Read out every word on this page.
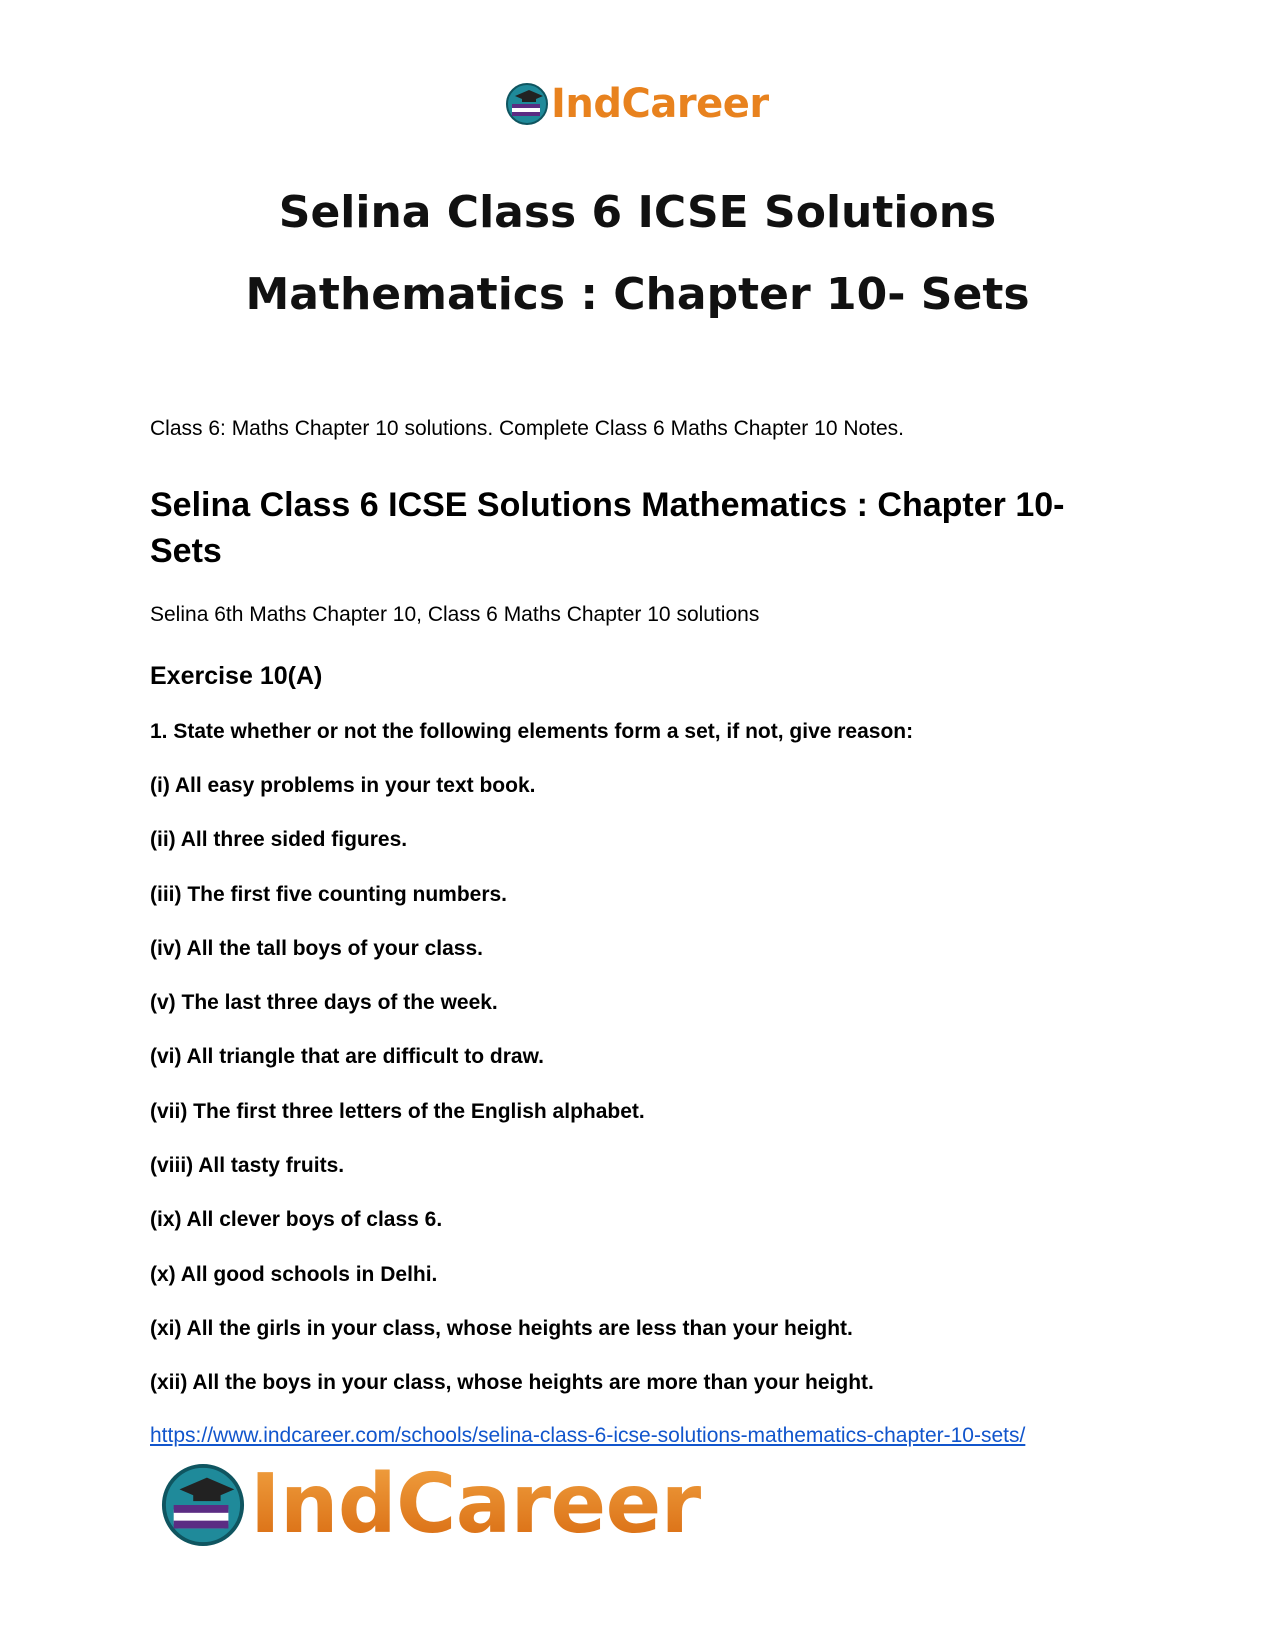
IndCareer
Selina Class 6 ICSE Solutions Mathematics : Chapter 10- Sets
Class 6: Maths Chapter 10 solutions. Complete Class 6 Maths Chapter 10 Notes.
Selina Class 6 ICSE Solutions Mathematics : Chapter 10- Sets
Selina 6th Maths Chapter 10, Class 6 Maths Chapter 10 solutions
Exercise 10(A)
1. State whether or not the following elements form a set, if not, give reason:
(i) All easy problems in your text book.
(ii) All three sided figures.
(iii) The first five counting numbers.
(iv) All the tall boys of your class.
(v) The last three days of the week.
(vi) All triangle that are difficult to draw.
(vii) The first three letters of the English alphabet.
(viii) All tasty fruits.
(ix) All clever boys of class 6.
(x) All good schools in Delhi.
(xi) All the girls in your class, whose heights are less than your height.
(xii) All the boys in your class, whose heights are more than your height.
https://www.indcareer.com/schools/selina-class-6-icse-solutions-mathematics-chapter-10-sets/
IndCareer
